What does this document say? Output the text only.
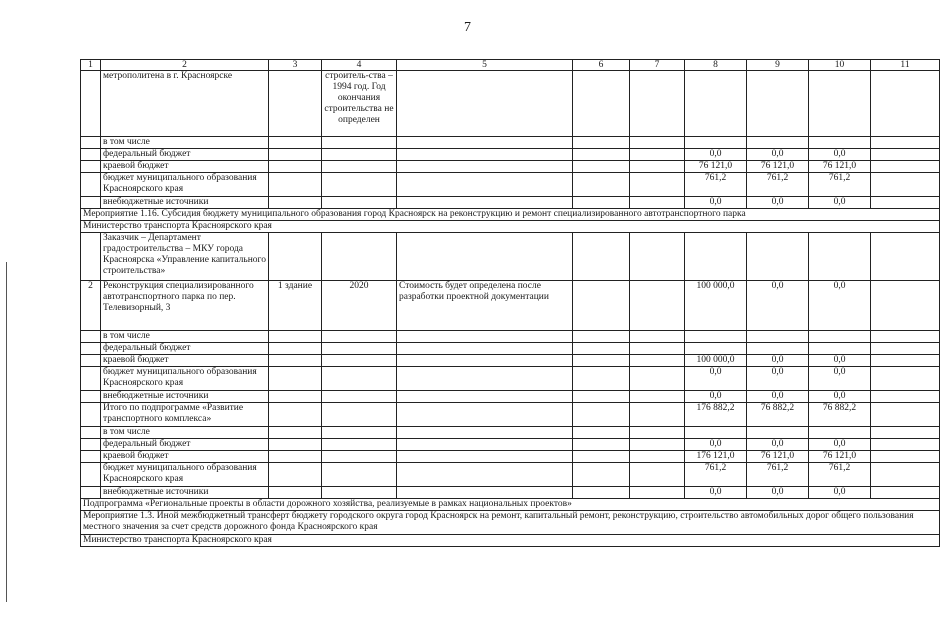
7
1	2	3	4	5	6	7	8	9	10	11
	метрополитена в г. Красноярске		строитель-ства – 1994 год. Год окончания строительства не определен							
	в том числе									
	федеральный бюджет						0,0	0,0	0,0	
	краевой бюджет						76 121,0	76 121,0	76 121,0	
	бюджет муниципального образования Красноярского края						761,2	761,2	761,2	
	внебюджетные источники						0,0	0,0	0,0	
Мероприятие 1.16. Субсидия бюджету муниципального образования город Красноярск на реконструкцию и ремонт специализированного автотранспортного парка										
Министерство транспорта Красноярского края										
	Заказчик – Департамент градостроительства – МКУ города Красноярска «Управление капитального строительства»									
2	Реконструкция специализированного автотранспортного парка по пер. Телевизорный, 3	1 здание	2020	Стоимость будет определена после разработки проектной документации			100 000,0	0,0	0,0	
	в том числе									
	федеральный бюджет									
	краевой бюджет						100 000,0	0,0	0,0	
	бюджет муниципального образования Красноярского края						0,0	0,0	0,0	
	внебюджетные источники						0,0	0,0	0,0	
	Итого по подпрограмме «Развитие транспортного комплекса»						176 882,2	76 882,2	76 882,2	
	в том числе									
	федеральный бюджет						0,0	0,0	0,0	
	краевой бюджет						176 121,0	76 121,0	76 121,0	
	бюджет муниципального образования Красноярского края						761,2	761,2	761,2	
	внебюджетные источники						0,0	0,0	0,0	
Подпрограмма «Региональные проекты в области дорожного хозяйства, реализуемые в рамках национальных проектов»										
Мероприятие 1.3. Иной межбюджетный трансферт бюджету городского округа город Красноярск на ремонт, капитальный ремонт, реконструкцию, строительство автомобильных дорог общего пользования местного значения за счет средств дорожного фонда Красноярского края										
Министерство транспорта Красноярского края										
